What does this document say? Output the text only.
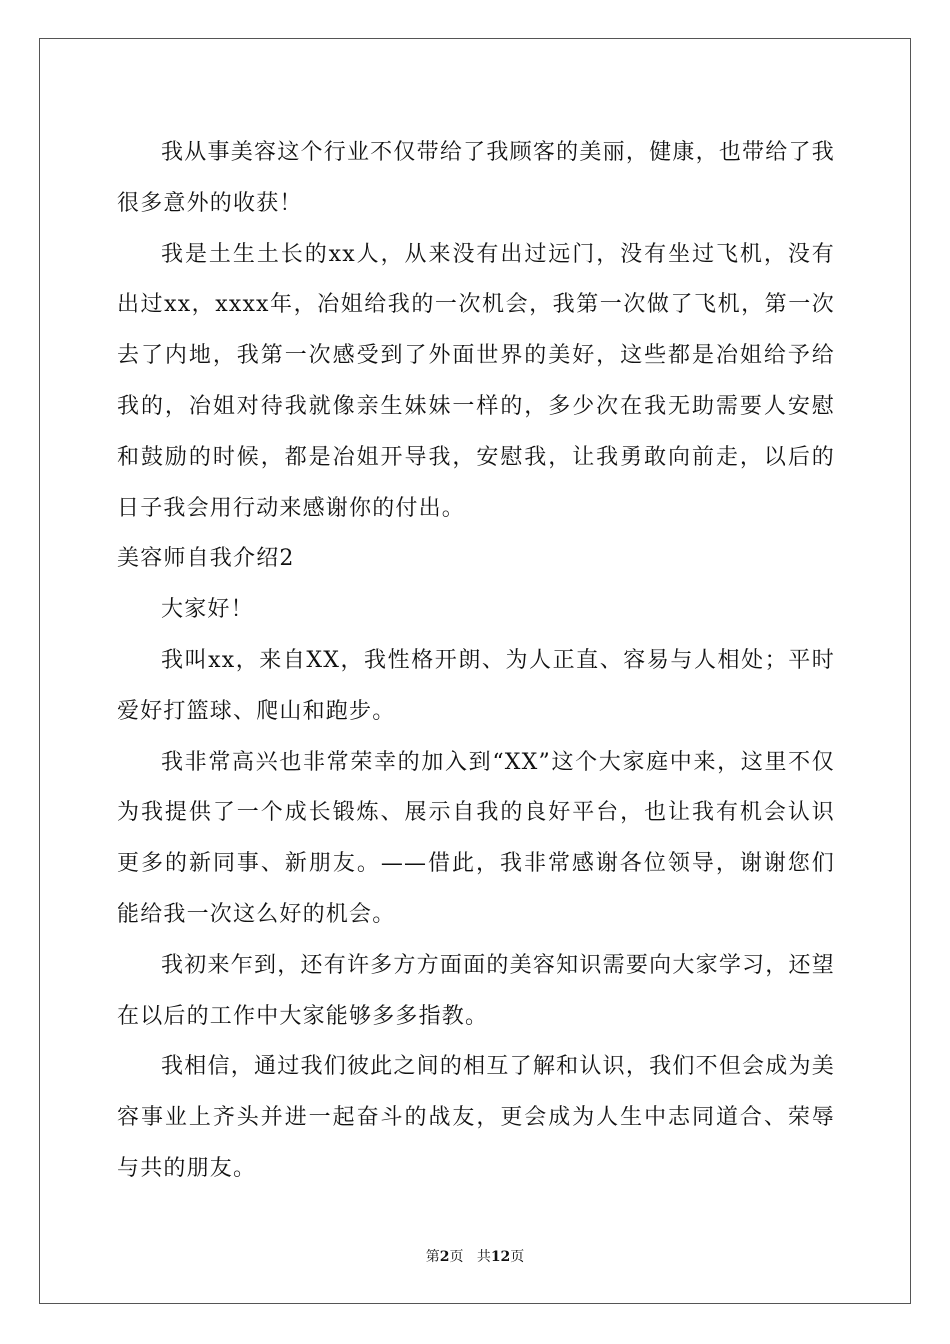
我从事美容这个行业不仅带给了我顾客的美丽，健康，也带给了我很多意外的收获！

我是土生土长的xx人，从来没有出过远门，没有坐过飞机，没有出过xx，xxxx年，冶姐给我的一次机会，我第一次做了飞机，第一次去了内地，我第一次感受到了外面世界的美好，这些都是冶姐给予给我的，冶姐对待我就像亲生妹妹一样的，多少次在我无助需要人安慰和鼓励的时候，都是冶姐开导我，安慰我，让我勇敢向前走，以后的日子我会用行动来感谢你的付出。

美容师自我介绍2

大家好！

我叫xx，来自XX，我性格开朗、为人正直、容易与人相处；平时爱好打篮球、爬山和跑步。

我非常高兴也非常荣幸的加入到“XX”这个大家庭中来，这里不仅为我提供了一个成长锻炼、展示自我的良好平台，也让我有机会认识更多的新同事、新朋友。——借此，我非常感谢各位领导，谢谢您们能给我一次这么好的机会。

我初来乍到，还有许多方方面面的美容知识需要向大家学习，还望在以后的工作中大家能够多多指教。

我相信，通过我们彼此之间的相互了解和认识，我们不但会成为美容事业上齐头并进一起奋斗的战友，更会成为人生中志同道合、荣辱与共的朋友。

第2页 共12页
